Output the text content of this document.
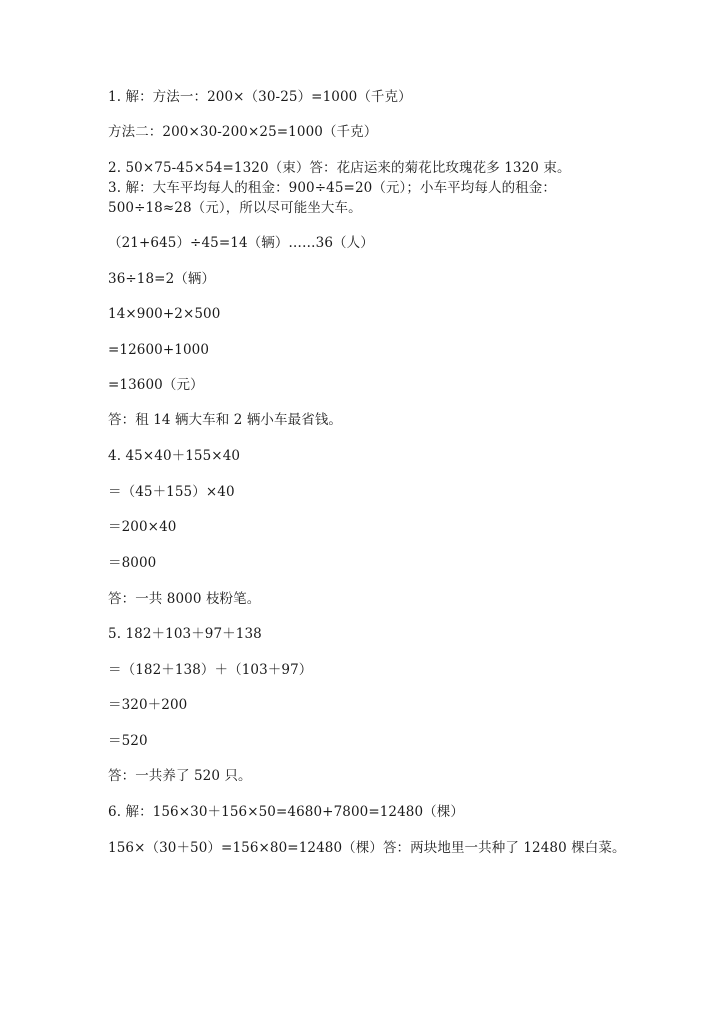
1. 解：方法一：200×（30-25）=1000（千克）
方法二：200×30-200×25=1000（千克）
2. 50×75-45×54=1320（束）答：花店运来的菊花比玫瑰花多 1320 束。
3. 解：大车平均每人的租金：900÷45=20（元）；小车平均每人的租金：
500÷18≈28（元），所以尽可能坐大车。
（21+645）÷45=14（辆）……36（人）
36÷18=2（辆）
14×900+2×500
=12600+1000
=13600（元）
答：租 14 辆大车和 2 辆小车最省钱。
4. 45×40＋155×40
＝（45＋155）×40
＝200×40
＝8000
答：一共 8000 枝粉笔。
5. 182＋103＋97＋138
＝（182＋138）＋（103＋97）
＝320＋200
＝520
答：一共养了 520 只。
6. 解：156×30＋156×50=4680+7800=12480（棵）
156×（30＋50）=156×80=12480（棵）答：两块地里一共种了 12480 棵白菜。
